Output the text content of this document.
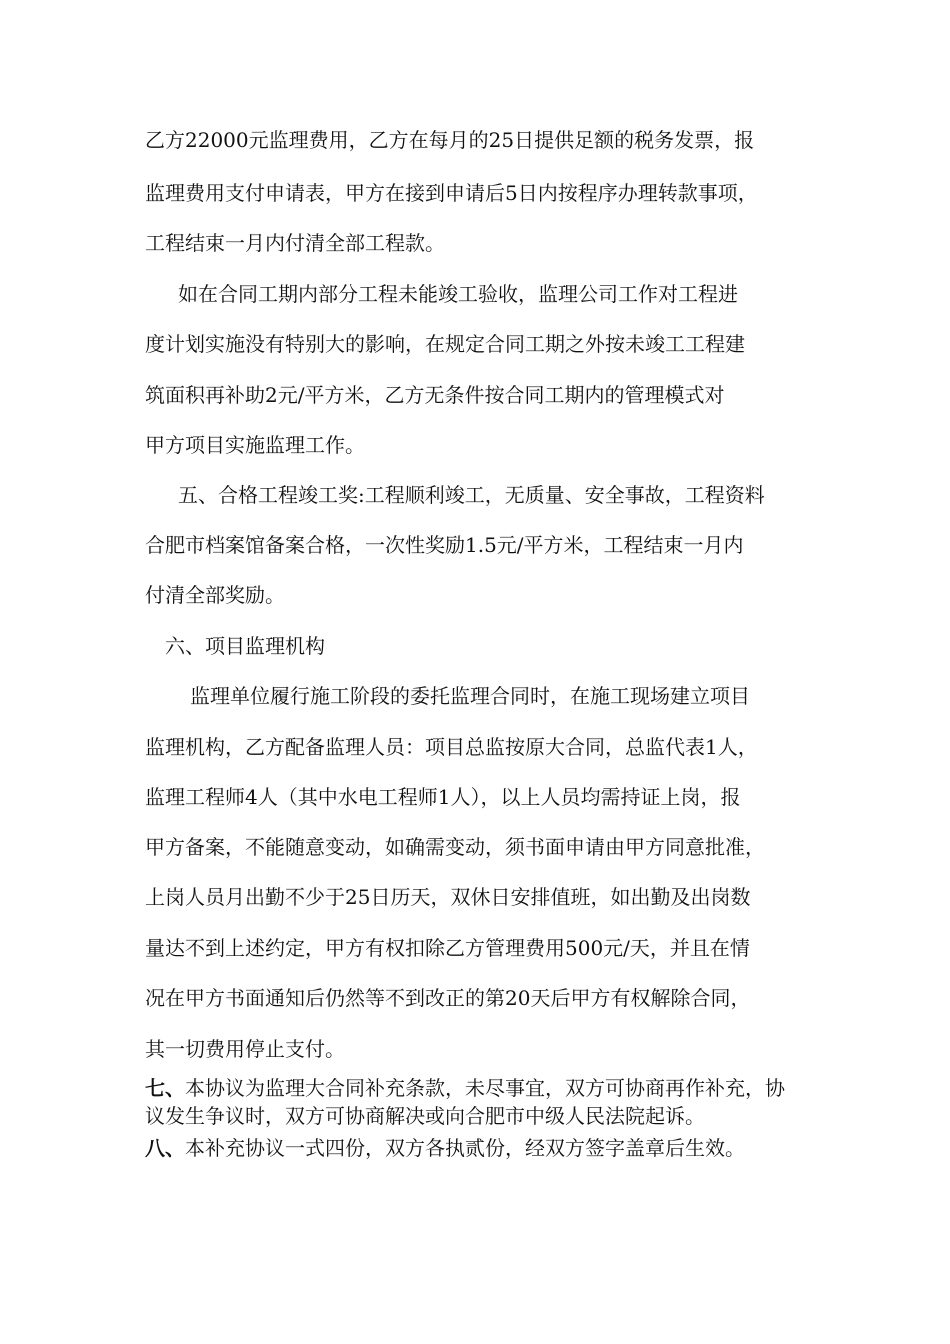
乙方22000元监理费用，乙方在每月的25日提供足额的税务发票，报
监理费用支付申请表，甲方在接到申请后5日内按程序办理转款事项，
工程结束一月内付清全部工程款。
如在合同工期内部分工程未能竣工验收，监理公司工作对工程进
度计划实施没有特别大的影响，在规定合同工期之外按未竣工工程建
筑面积再补助2元/平方米，乙方无条件按合同工期内的管理模式对
甲方项目实施监理工作。
五、合格工程竣工奖:工程顺利竣工，无质量、安全事故，工程资料
合肥市档案馆备案合格，一次性奖励1.5元/平方米，工程结束一月内
付清全部奖励。
六、项目监理机构
监理单位履行施工阶段的委托监理合同时，在施工现场建立项目
监理机构，乙方配备监理人员：项目总监按原大合同，总监代表1人，
监理工程师4人（其中水电工程师1人），以上人员均需持证上岗，报
甲方备案，不能随意变动，如确需变动，须书面申请由甲方同意批准，
上岗人员月出勤不少于25日历天，双休日安排值班，如出勤及出岗数
量达不到上述约定，甲方有权扣除乙方管理费用500元/天，并且在情
况在甲方书面通知后仍然等不到改正的第20天后甲方有权解除合同，
其一切费用停止支付。
七、本协议为监理大合同补充条款，未尽事宜，双方可协商再作补充，协
议发生争议时，双方可协商解决或向合肥市中级人民法院起诉。
八、本补充协议一式四份，双方各执贰份，经双方签字盖章后生效。
